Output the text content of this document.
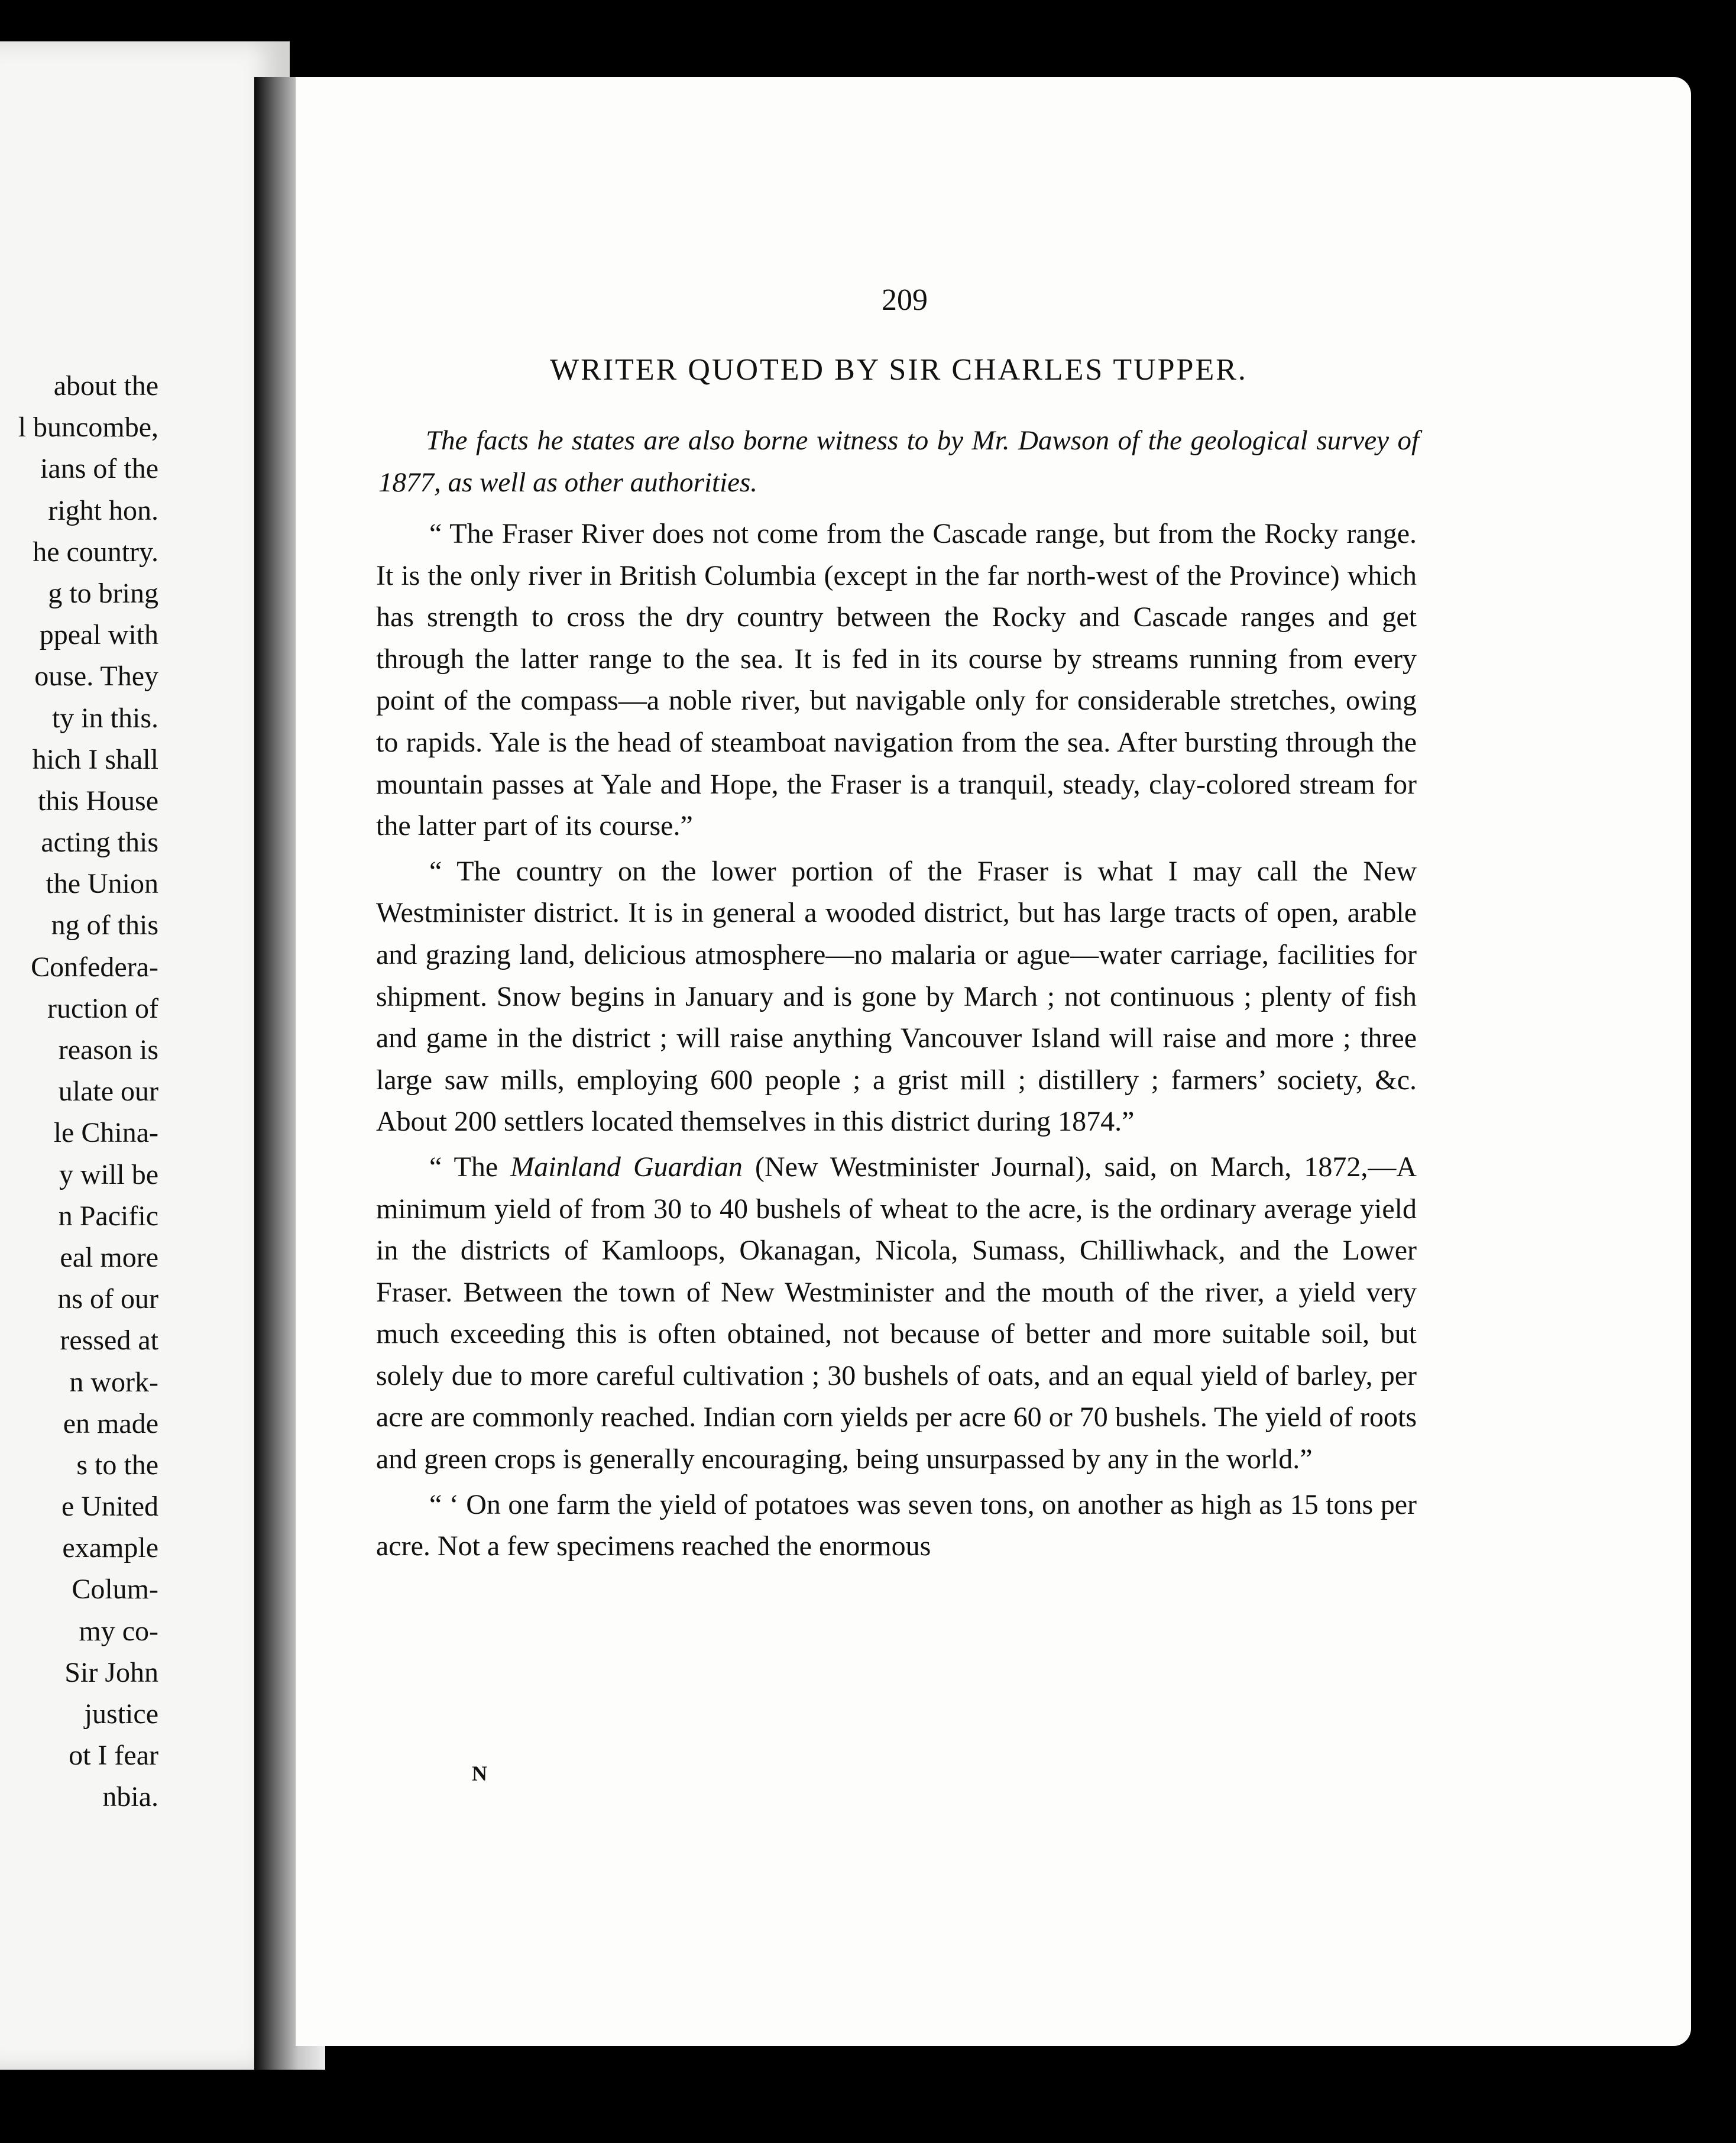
about the
l buncombe,
ians of the
right hon.
he country.
g to bring
ppeal with
ouse. They
ty in this.
hich I shall
this House
acting this
the Union
ng of this
Confedera-
ruction of
reason is
ulate our
le China-
y will be
n Pacific
eal more
ns of our
ressed at
n work-
en made
s to the
e United
example
Colum-
my co-
Sir John
justice
ot I fear
nbia.
209
WRITER QUOTED BY SIR CHARLES TUPPER.
The facts he states are also borne witness to by Mr. Dawson of the geological survey of 1877, as well as other authorities.

“ The Fraser River does not come from the Cascade range, but from the Rocky range. It is the only river in British Columbia (except in the far north-west of the Province) which has strength to cross the dry country between the Rocky and Cascade ranges and get through the latter range to the sea. It is fed in its course by streams running from every point of the compass—a noble river, but navigable only for considerable stretches, owing to rapids. Yale is the head of steamboat navigation from the sea. After bursting through the mountain passes at Yale and Hope, the Fraser is a tranquil, steady, clay-colored stream for the latter part of its course.”

“ The country on the lower portion of the Fraser is what I may call the New Westminister district. It is in general a wooded district, but has large tracts of open, arable and grazing land, delicious atmosphere—no malaria or ague—water carriage, facilities for shipment. Snow begins in January and is gone by March ; not continuous ; plenty of fish and game in the district ; will raise anything Vancouver Island will raise and more ; three large saw mills, employing 600 people ; a grist mill ; distillery ; farmers’ society, &c. About 200 settlers located themselves in this district during 1874.”

“ The Mainland Guardian (New Westminister Journal), said, on March, 1872,—A minimum yield of from 30 to 40 bushels of wheat to the acre, is the ordinary average yield in the districts of Kamloops, Okanagan, Nicola, Sumass, Chilliwhack, and the Lower Fraser. Between the town of New Westminister and the mouth of the river, a yield very much exceeding this is often obtained, not because of better and more suitable soil, but solely due to more careful cultivation ; 30 bushels of oats, and an equal yield of barley, per acre are commonly reached. Indian corn yields per acre 60 or 70 bushels. The yield of roots and green crops is generally encouraging, being unsurpassed by any in the world.”

“ ‘ On one farm the yield of potatoes was seven tons, on another as high as 15 tons per acre. Not a few specimens reached the enormous

N
